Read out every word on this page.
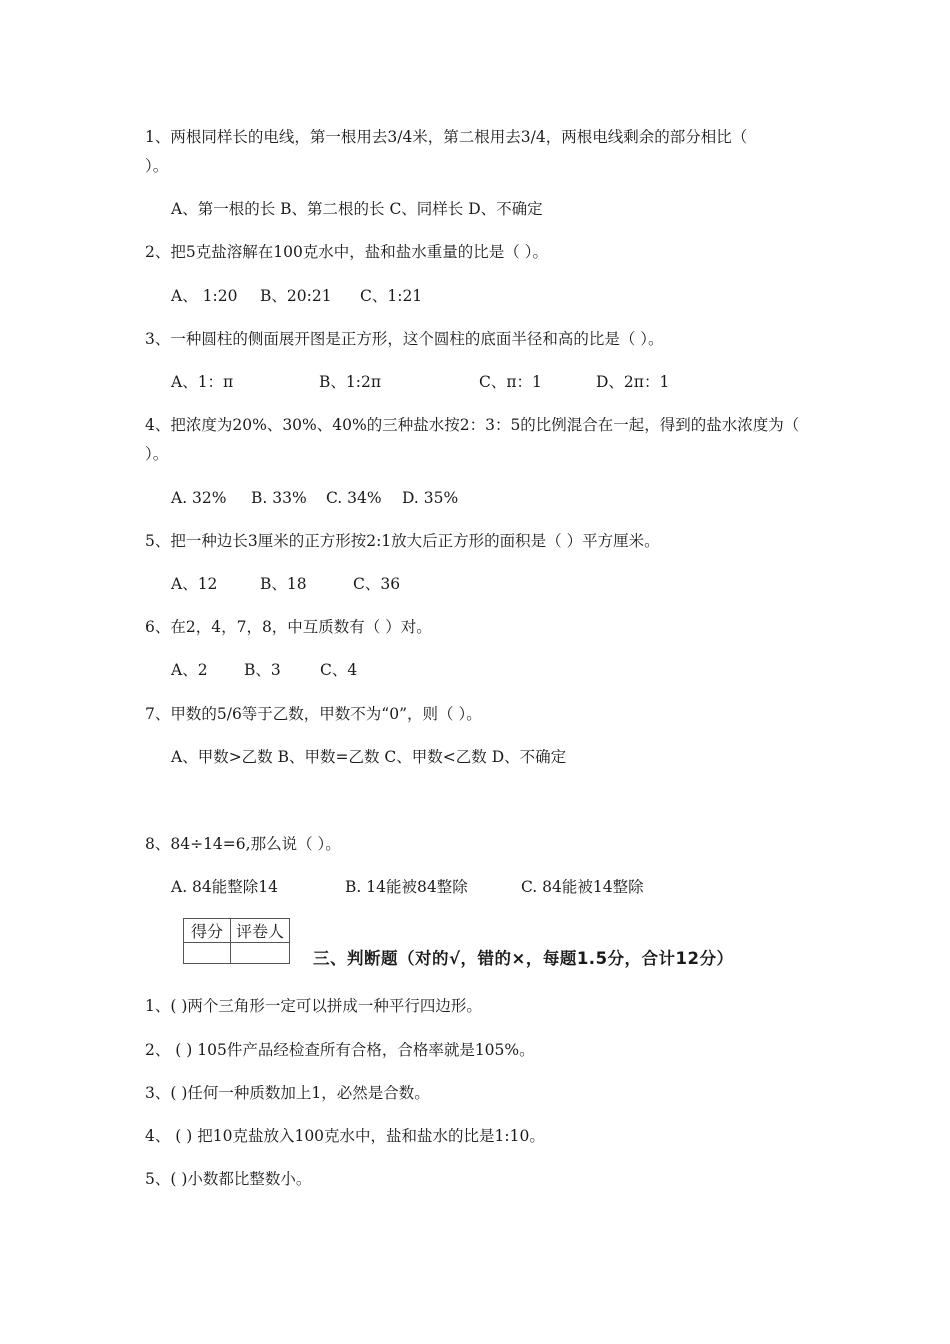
1、两根同样长的电线，第一根用去3/4米，第二根用去3/4，两根电线剩余的部分相比（
）。
A、第一根的长 B、第二根的长 C、同样长 D、不确定
2、把5克盐溶解在100克水中，盐和盐水重量的比是（ ）。
A、 1:20 B、20:21 C、1:21
3、一种圆柱的侧面展开图是正方形，这个圆柱的底面半径和高的比是（ ）。
A、1：π	B、1:2π	C、π：1	D、2π：1
4、把浓度为20%、30%、40%的三种盐水按2：3：5的比例混合在一起，得到的盐水浓度为（
）。
A. 32% B. 33% C. 34% D. 35%
5、把一种边长3厘米的正方形按2:1放大后正方形的面积是（ ）平方厘米。
A、12	B、18	C、36
6、在2，4，7，8，中互质数有（ ）对。
A、2 B、3	C、4
7、甲数的5/6等于乙数，甲数不为“0”，则（ ）。
A、甲数>乙数 B、甲数=乙数 C、甲数<乙数 D、不确定
8、84÷14=6,那么说（ ）。
A. 84能整除14	B. 14能被84整除	C. 84能被14整除
得分	评卷人

三、判断题（对的√，错的×，每题1.5分，合计12分）
1、( )两个三角形一定可以拼成一种平行四边形。
2、 ( ) 105件产品经检查所有合格，合格率就是105%。
3、( )任何一种质数加上1，必然是合数。
4、 ( ) 把10克盐放入100克水中，盐和盐水的比是1:10。
5、( )小数都比整数小。
